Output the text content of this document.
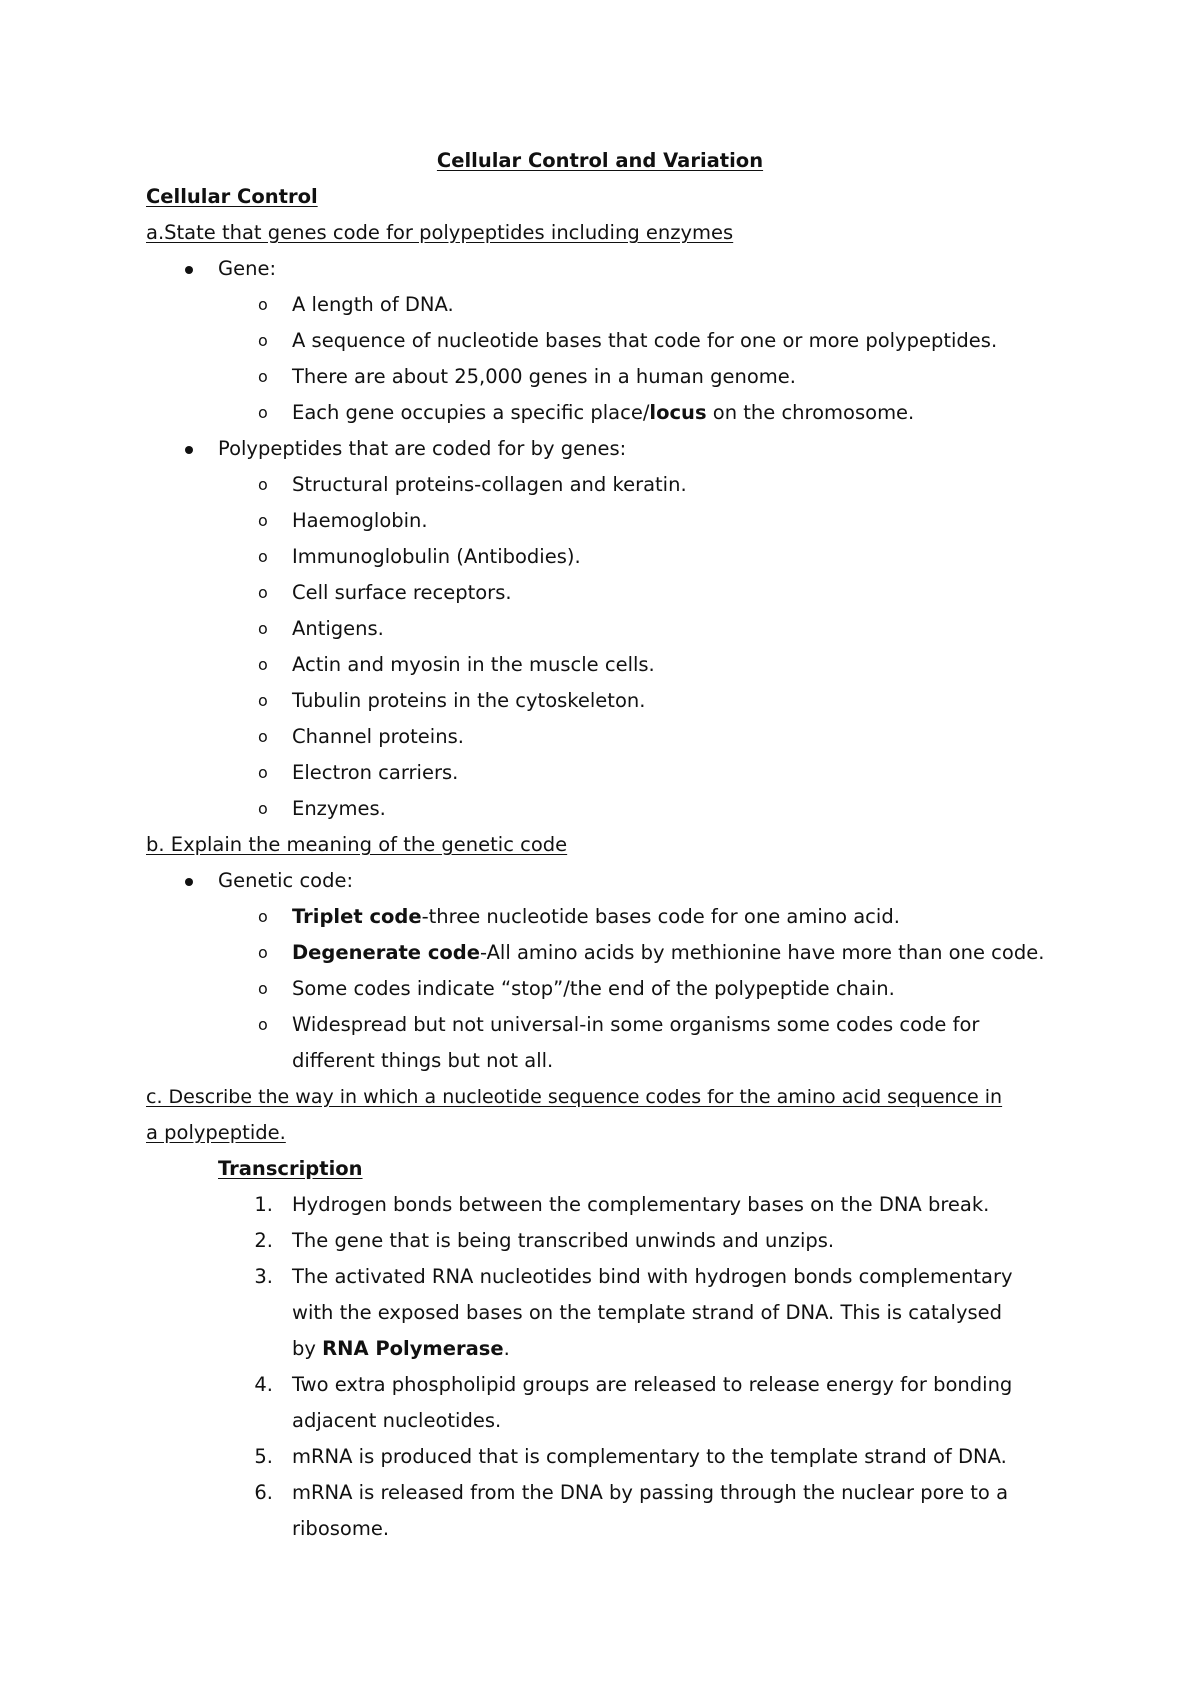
Cellular Control and Variation
Cellular Control
a.State that genes code for polypeptides including enzymes
Gene:
o A length of DNA.
o A sequence of nucleotide bases that code for one or more polypeptides.
o There are about 25,000 genes in a human genome.
o Each gene occupies a specific place/locus on the chromosome.
Polypeptides that are coded for by genes:
o Structural proteins-collagen and keratin.
o Haemoglobin.
o Immunoglobulin (Antibodies).
o Cell surface receptors.
o Antigens.
o Actin and myosin in the muscle cells.
o Tubulin proteins in the cytoskeleton.
o Channel proteins.
o Electron carriers.
o Enzymes.
b. Explain the meaning of the genetic code
Genetic code:
o Triplet code-three nucleotide bases code for one amino acid.
o Degenerate code-All amino acids by methionine have more than one code.
o Some codes indicate “stop”/the end of the polypeptide chain.
o Widespread but not universal-in some organisms some codes code for
different things but not all.
c. Describe the way in which a nucleotide sequence codes for the amino acid sequence in
a polypeptide.
Transcription
1. Hydrogen bonds between the complementary bases on the DNA break.
2. The gene that is being transcribed unwinds and unzips.
3. The activated RNA nucleotides bind with hydrogen bonds complementary
with the exposed bases on the template strand of DNA. This is catalysed
by RNA Polymerase.
4. Two extra phospholipid groups are released to release energy for bonding
adjacent nucleotides.
5. mRNA is produced that is complementary to the template strand of DNA.
6. mRNA is released from the DNA by passing through the nuclear pore to a
ribosome.
